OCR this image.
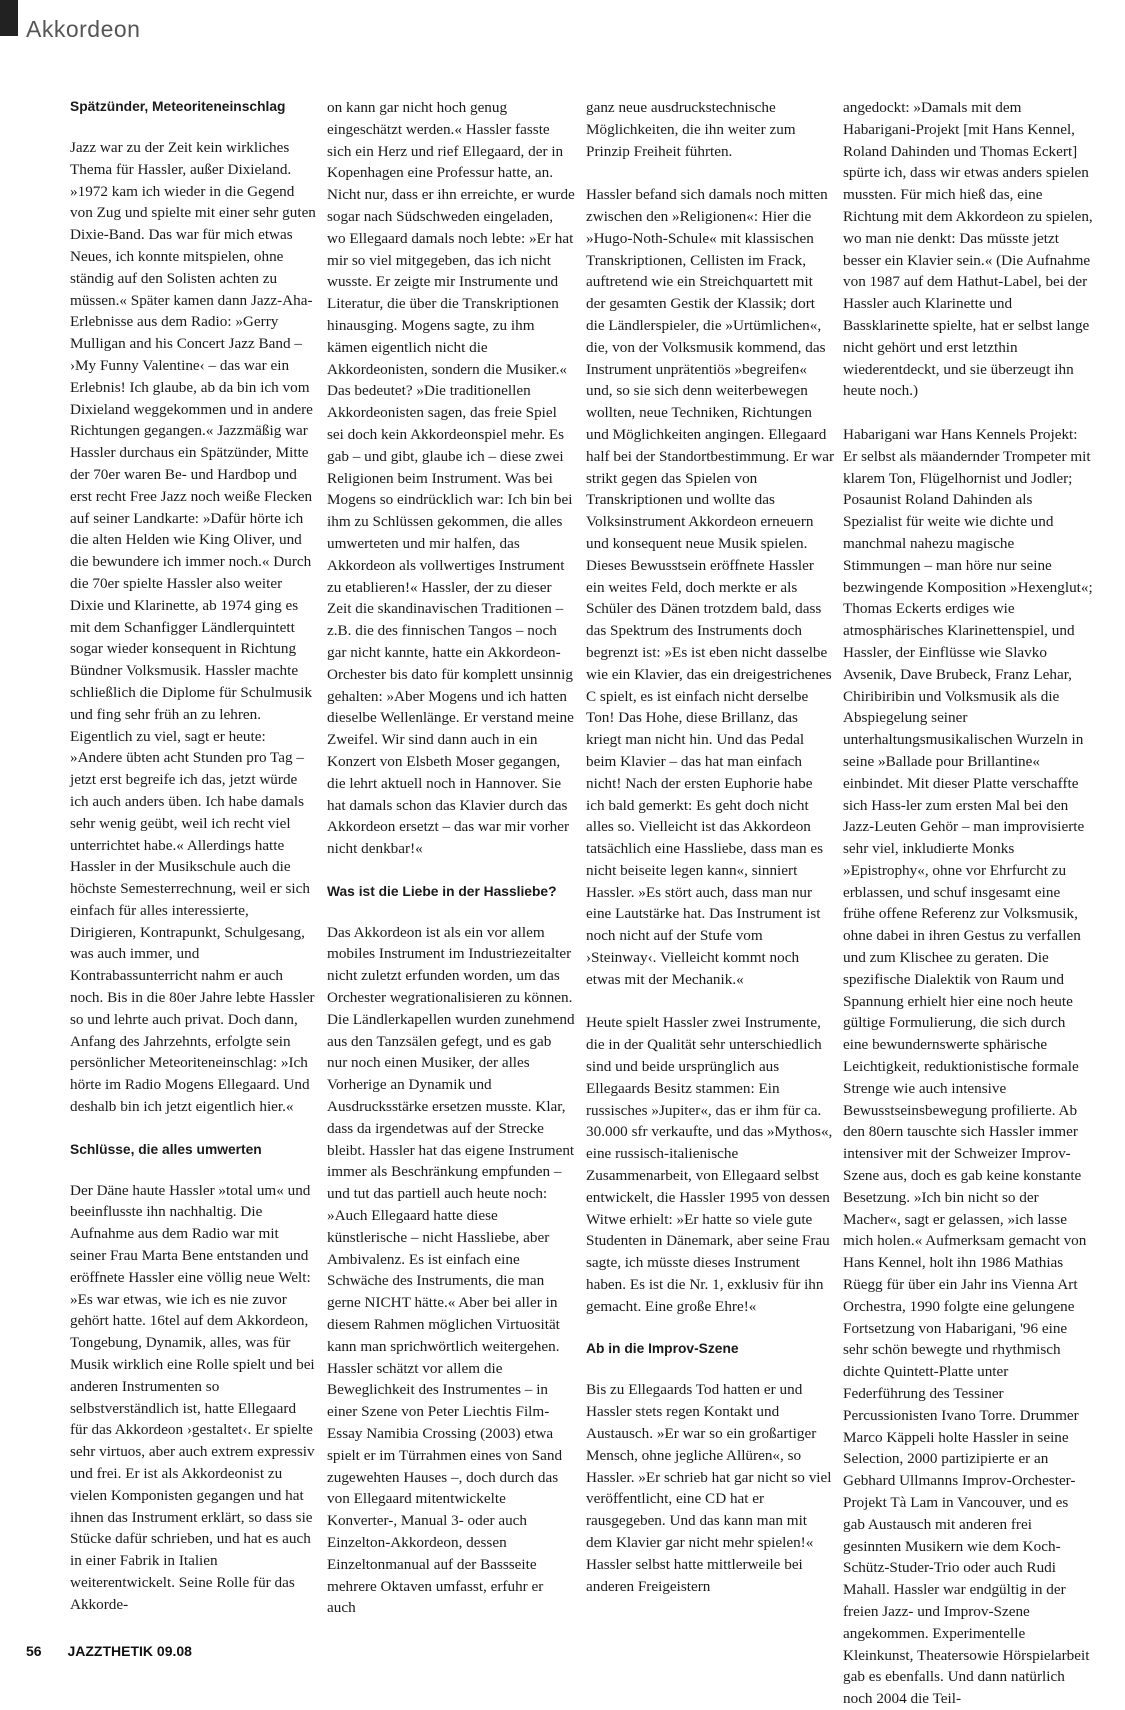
Akkordeon
Spätzünder, Meteoriteneinschlag

Jazz war zu der Zeit kein wirkliches Thema für Hassler, außer Dixieland. »1972 kam ich wieder in die Gegend von Zug und spielte mit einer sehr guten Dixie-Band. Das war für mich etwas Neues, ich konnte mitspielen, ohne ständig auf den Solisten achten zu müssen.« Später kamen dann Jazz-Aha-Erlebnisse aus dem Radio: »Gerry Mulligan and his Concert Jazz Band – ›My Funny Valentine‹ – das war ein Erlebnis! Ich glaube, ab da bin ich vom Dixieland weggekommen und in andere Richtungen gegangen.« Jazzmäßig war Hassler durchaus ein Spätzünder, Mitte der 70er waren Be- und Hardbop und erst recht Free Jazz noch weiße Flecken auf seiner Landkarte: »Dafür hörte ich die alten Helden wie King Oliver, und die bewundere ich immer noch.« Durch die 70er spielte Hassler also weiter Dixie und Klarinette, ab 1974 ging es mit dem Schanfigger Ländlerquintett sogar wieder konsequent in Richtung Bündner Volksmusik. Hassler machte schließlich die Diplome für Schulmusik und fing sehr früh an zu lehren. Eigentlich zu viel, sagt er heute: »Andere übten acht Stunden pro Tag – jetzt erst begreife ich das, jetzt würde ich auch anders üben. Ich habe damals sehr wenig geübt, weil ich recht viel unterrichtet habe.« Allerdings hatte Hassler in der Musikschule auch die höchste Semesterrechnung, weil er sich einfach für alles interessierte, Dirigieren, Kontrapunkt, Schulgesang, was auch immer, und Kontrabassunterricht nahm er auch noch. Bis in die 80er Jahre lebte Hassler so und lehrte auch privat. Doch dann, Anfang des Jahrzehnts, erfolgte sein persönlicher Meteoriteneinschlag: »Ich hörte im Radio Mogens Ellegaard. Und deshalb bin ich jetzt eigentlich hier.«

Schlüsse, die alles umwerten

Der Däne haute Hassler »total um« und beeinflusste ihn nachhaltig. Die Aufnahme aus dem Radio war mit seiner Frau Marta Bene entstanden und eröffnete Hassler eine völlig neue Welt: »Es war etwas, wie ich es nie zuvor gehört hatte. 16tel auf dem Akkordeon, Tongebung, Dynamik, alles, was für Musik wirklich eine Rolle spielt und bei anderen Instrumenten so selbstverständlich ist, hatte Ellegaard für das Akkordeon ›gestaltet‹. Er spielte sehr virtuos, aber auch extrem expressiv und frei. Er ist als Akkordeonist zu vielen Komponisten gegangen und hat ihnen das Instrument erklärt, so dass sie Stücke dafür schrieben, und hat es auch in einer Fabrik in Italien weiterentwickelt. Seine Rolle für das Akkorde-

on kann gar nicht hoch genug eingeschätzt werden.« Hassler fasste sich ein Herz und rief Ellegaard, der in Kopenhagen eine Professur hatte, an. Nicht nur, dass er ihn erreichte, er wurde sogar nach Südschweden eingeladen, wo Ellegaard damals noch lebte: »Er hat mir so viel mitgegeben, das ich nicht wusste. Er zeigte mir Instrumente und Literatur, die über die Transkriptionen hinausging. Mogens sagte, zu ihm kämen eigentlich nicht die Akkordeonisten, sondern die Musiker.« Das bedeutet? »Die traditionellen Akkordeonisten sagen, das freie Spiel sei doch kein Akkordeonspiel mehr. Es gab – und gibt, glaube ich – diese zwei Religionen beim Instrument. Was bei Mogens so eindrücklich war: Ich bin bei ihm zu Schlüssen gekommen, die alles umwerteten und mir halfen, das Akkordeon als vollwertiges Instrument zu etablieren!« Hassler, der zu dieser Zeit die skandinavischen Traditionen – z.B. die des finnischen Tangos – noch gar nicht kannte, hatte ein Akkordeon-Orchester bis dato für komplett unsinnig gehalten: »Aber Mogens und ich hatten dieselbe Wellenlänge. Er verstand meine Zweifel. Wir sind dann auch in ein Konzert von Elsbeth Moser gegangen, die lehrt aktuell noch in Hannover. Sie hat damals schon das Klavier durch das Akkordeon ersetzt – das war mir vorher nicht denkbar!«

Was ist die Liebe in der Hassliebe?

Das Akkordeon ist als ein vor allem mobiles Instrument im Industriezeitalter nicht zuletzt erfunden worden, um das Orchester wegrationalisieren zu können. Die Ländlerkapellen wurden zunehmend aus den Tanzsälen gefegt, und es gab nur noch einen Musiker, der alles Vorherige an Dynamik und Ausdrucksstärke ersetzen musste. Klar, dass da irgendetwas auf der Strecke bleibt. Hassler hat das eigene Instrument immer als Beschränkung empfunden – und tut das partiell auch heute noch: »Auch Ellegaard hatte diese künstlerische – nicht Hassliebe, aber Ambivalenz. Es ist einfach eine Schwäche des Instruments, die man gerne NICHT hätte.« Aber bei aller in diesem Rahmen möglichen Virtuosität kann man sprichwörtlich weitergehen. Hassler schätzt vor allem die Beweglichkeit des Instrumentes – in einer Szene von Peter Liechtis Film-Essay Namibia Crossing (2003) etwa spielt er im Türrahmen eines von Sand zugewehten Hauses –, doch durch das von Ellegaard mitentwickelte Konverter-, Manual 3- oder auch Einzelton-Akkordeon, dessen Einzeltonmanual auf der Bassseite mehrere Oktaven umfasst, erfuhr er auch

ganz neue ausdruckstechnische Möglichkeiten, die ihn weiter zum Prinzip Freiheit führten.

Hassler befand sich damals noch mitten zwischen den »Religionen«: Hier die »Hugo-Noth-Schule« mit klassischen Transkriptionen, Cellisten im Frack, auftretend wie ein Streichquartett mit der gesamten Gestik der Klassik; dort die Ländlerspieler, die »Urtümlichen«, die, von der Volksmusik kommend, das Instrument unprätentiös »begreifen« und, so sie sich denn weiterbewegen wollten, neue Techniken, Richtungen und Möglichkeiten angingen. Ellegaard half bei der Standortbestimmung. Er war strikt gegen das Spielen von Transkriptionen und wollte das Volksinstrument Akkordeon erneuern und konsequent neue Musik spielen. Dieses Bewusstsein eröffnete Hassler ein weites Feld, doch merkte er als Schüler des Dänen trotzdem bald, dass das Spektrum des Instruments doch begrenzt ist: »Es ist eben nicht dasselbe wie ein Klavier, das ein dreigestrichenes C spielt, es ist einfach nicht derselbe Ton! Das Hohe, diese Brillanz, das kriegt man nicht hin. Und das Pedal beim Klavier – das hat man einfach nicht! Nach der ersten Euphorie habe ich bald gemerkt: Es geht doch nicht alles so. Vielleicht ist das Akkordeon tatsächlich eine Hassliebe, dass man es nicht beiseite legen kann«, sinniert Hassler. »Es stört auch, dass man nur eine Lautstärke hat. Das Instrument ist noch nicht auf der Stufe vom ›Steinway‹. Vielleicht kommt noch etwas mit der Mechanik.«

Heute spielt Hassler zwei Instrumente, die in der Qualität sehr unterschiedlich sind und beide ursprünglich aus Ellegaards Besitz stammen: Ein russisches »Jupiter«, das er ihm für ca. 30.000 sfr verkaufte, und das »Mythos«, eine russisch-italienische Zusammenarbeit, von Ellegaard selbst entwickelt, die Hassler 1995 von dessen Witwe erhielt: »Er hatte so viele gute Studenten in Dänemark, aber seine Frau sagte, ich müsste dieses Instrument haben. Es ist die Nr. 1, exklusiv für ihn gemacht. Eine große Ehre!«

Ab in die Improv-Szene

Bis zu Ellegaards Tod hatten er und Hassler stets regen Kontakt und Austausch. »Er war so ein großartiger Mensch, ohne jegliche Allüren«, so Hassler. »Er schrieb hat gar nicht so viel veröffentlicht, eine CD hat er rausgegeben. Und das kann man mit dem Klavier gar nicht mehr spielen!« Hassler selbst hatte mittlerweile bei anderen Freigeistern

angedockt: »Damals mit dem Habarigani-Projekt [mit Hans Kennel, Roland Dahinden und Thomas Eckert] spürte ich, dass wir etwas anders spielen mussten. Für mich hieß das, eine Richtung mit dem Akkordeon zu spielen, wo man nie denkt: Das müsste jetzt besser ein Klavier sein.« (Die Aufnahme von 1987 auf dem Hathut-Label, bei der Hassler auch Klarinette und Bassklarinette spielte, hat er selbst lange nicht gehört und erst letzthin wiederentdeckt, und sie überzeugt ihn heute noch.)

Habarigani war Hans Kennels Projekt: Er selbst als mäandernder Trompeter mit klarem Ton, Flügelhornist und Jodler; Posaunist Roland Dahinden als Spezialist für weite wie dichte und manchmal nahezu magische Stimmungen – man höre nur seine bezwingende Komposition »Hexenglut«; Thomas Eckerts erdiges wie atmosphärisches Klarinettenspiel, und Hassler, der Einflüsse wie Slavko Avsenik, Dave Brubeck, Franz Lehar, Chiribiribin und Volksmusik als die Abspiegelung seiner unterhaltungsmusikalischen Wurzeln in seine »Ballade pour Brillantine« einbindet. Mit dieser Platte verschaffte sich Hass-ler zum ersten Mal bei den Jazz-Leuten Gehör – man improvisierte sehr viel, inkludierte Monks »Epistrophy«, ohne vor Ehrfurcht zu erblassen, und schuf insgesamt eine frühe offene Referenz zur Volksmusik, ohne dabei in ihren Gestus zu verfallen und zum Klischee zu geraten. Die spezifische Dialektik von Raum und Spannung erhielt hier eine noch heute gültige Formulierung, die sich durch eine bewundernswerte sphärische Leichtigkeit, reduktionistische formale Strenge wie auch intensive Bewusstseinsbewegung profilierte. Ab den 80ern tauschte sich Hassler immer intensiver mit der Schweizer Improv-Szene aus, doch es gab keine konstante Besetzung. »Ich bin nicht so der Macher«, sagt er gelassen, »ich lasse mich holen.« Aufmerksam gemacht von Hans Kennel, holt ihn 1986 Mathias Rüegg für über ein Jahr ins Vienna Art Orchestra, 1990 folgte eine gelungene Fortsetzung von Habarigani, '96 eine sehr schön bewegte und rhythmisch dichte Quintett-Platte unter Federführung des Tessiner Percussionisten Ivano Torre. Drummer Marco Käppeli holte Hassler in seine Selection, 2000 partizipierte er an Gebhard Ullmanns Improv-Orchester-Projekt Tà Lam in Vancouver, und es gab Austausch mit anderen frei gesinnten Musikern wie dem Koch-Schütz-Studer-Trio oder auch Rudi Mahall. Hassler war endgültig in der freien Jazz- und Improv-Szene angekommen. Experimentelle Kleinkunst, Theatersowie Hörspielarbeit gab es ebenfalls. Und dann natürlich noch 2004 die Teil-

56 JAZZTHETIK 09.08
